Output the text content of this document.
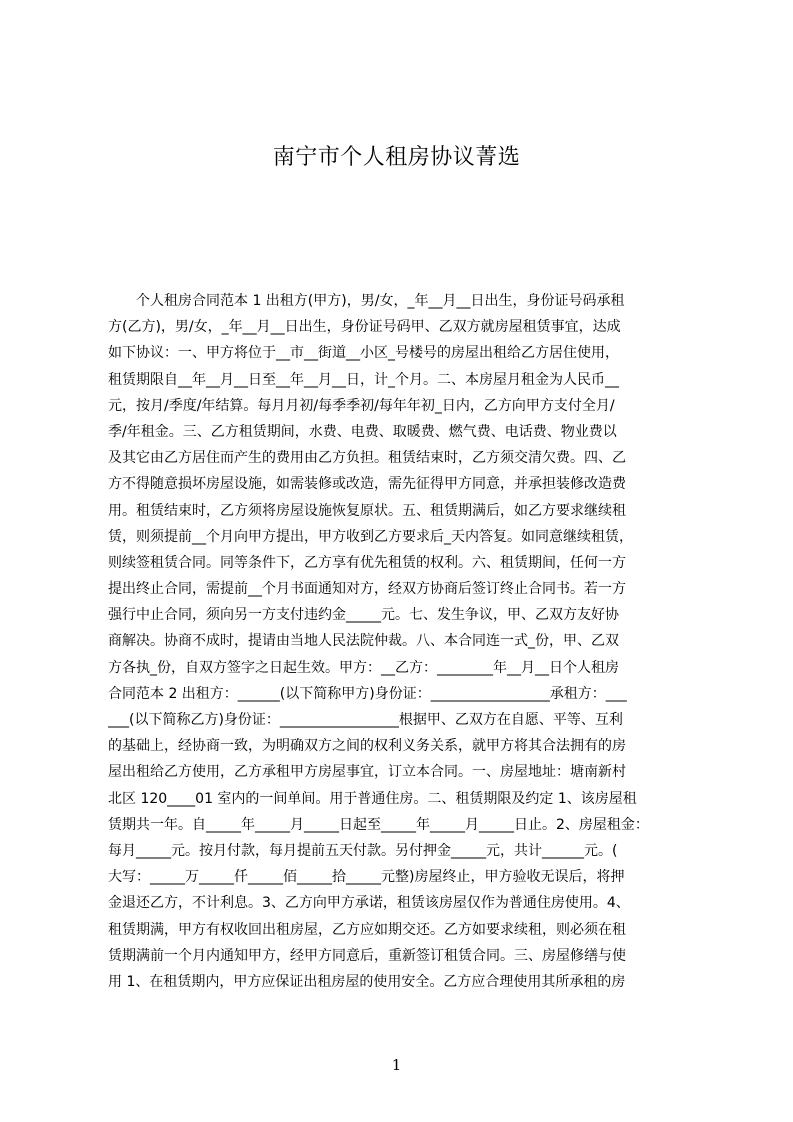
南宁市个人租房协议菁选
　　个人租房合同范本 1 出租方(甲方)，男/女，_年__月__日出生，身份证号码承租
方(乙方)，男/女，_年__月__日出生，身份证号码甲、乙双方就房屋租赁事宜，达成
如下协议：一、甲方将位于__市__街道__小区_号楼号的房屋出租给乙方居住使用，
租赁期限自__年__月__日至__年__月__日，计_个月。二、本房屋月租金为人民币__
元，按月/季度/年结算。每月月初/每季季初/每年年初_日内，乙方向甲方支付全月/
季/年租金。三、乙方租赁期间，水费、电费、取暖费、燃气费、电话费、物业费以
及其它由乙方居住而产生的费用由乙方负担。租赁结束时，乙方须交清欠费。四、乙
方不得随意损坏房屋设施，如需装修或改造，需先征得甲方同意，并承担装修改造费
用。租赁结束时，乙方须将房屋设施恢复原状。五、租赁期满后，如乙方要求继续租
赁，则须提前__个月向甲方提出，甲方收到乙方要求后_天内答复。如同意继续租赁，
则续签租赁合同。同等条件下，乙方享有优先租赁的权利。六、租赁期间，任何一方
提出终止合同，需提前__个月书面通知对方，经双方协商后签订终止合同书。若一方
强行中止合同，须向另一方支付违约金_____元。七、发生争议，甲、乙双方友好协
商解决。协商不成时，提请由当地人民法院仲裁。八、本合同连一式_份，甲、乙双
方各执_份，自双方签字之日起生效。甲方：__乙方：________年__月__日个人租房
合同范本 2 出租方：______(以下简称甲方)身份证：_________________承租方：___
___(以下简称乙方)身份证：_________________根据甲、乙双方在自愿、平等、互利
的基础上，经协商一致，为明确双方之间的权利义务关系，就甲方将其合法拥有的房
屋出租给乙方使用，乙方承租甲方房屋事宜，订立本合同。一、房屋地址：塘南新村
北区 120____01 室内的一间单间。用于普通住房。二、租赁期限及约定 1、该房屋租
赁期共一年。自_____年_____月_____日起至_____年_____月_____日止。2、房屋租金：
每月_____元。按月付款，每月提前五天付款。另付押金_____元，共计______元。(
大写：_____万_____仟_____佰_____拾_____元整)房屋终止，甲方验收无误后，将押
金退还乙方，不计利息。3、乙方向甲方承诺，租赁该房屋仅作为普通住房使用。4、
租赁期满，甲方有权收回出租房屋，乙方应如期交还。乙方如要求续租，则必须在租
赁期满前一个月内通知甲方，经甲方同意后，重新签订租赁合同。三、房屋修缮与使
用 1、在租赁期内，甲方应保证出租房屋的使用安全。乙方应合理使用其所承租的房
1
